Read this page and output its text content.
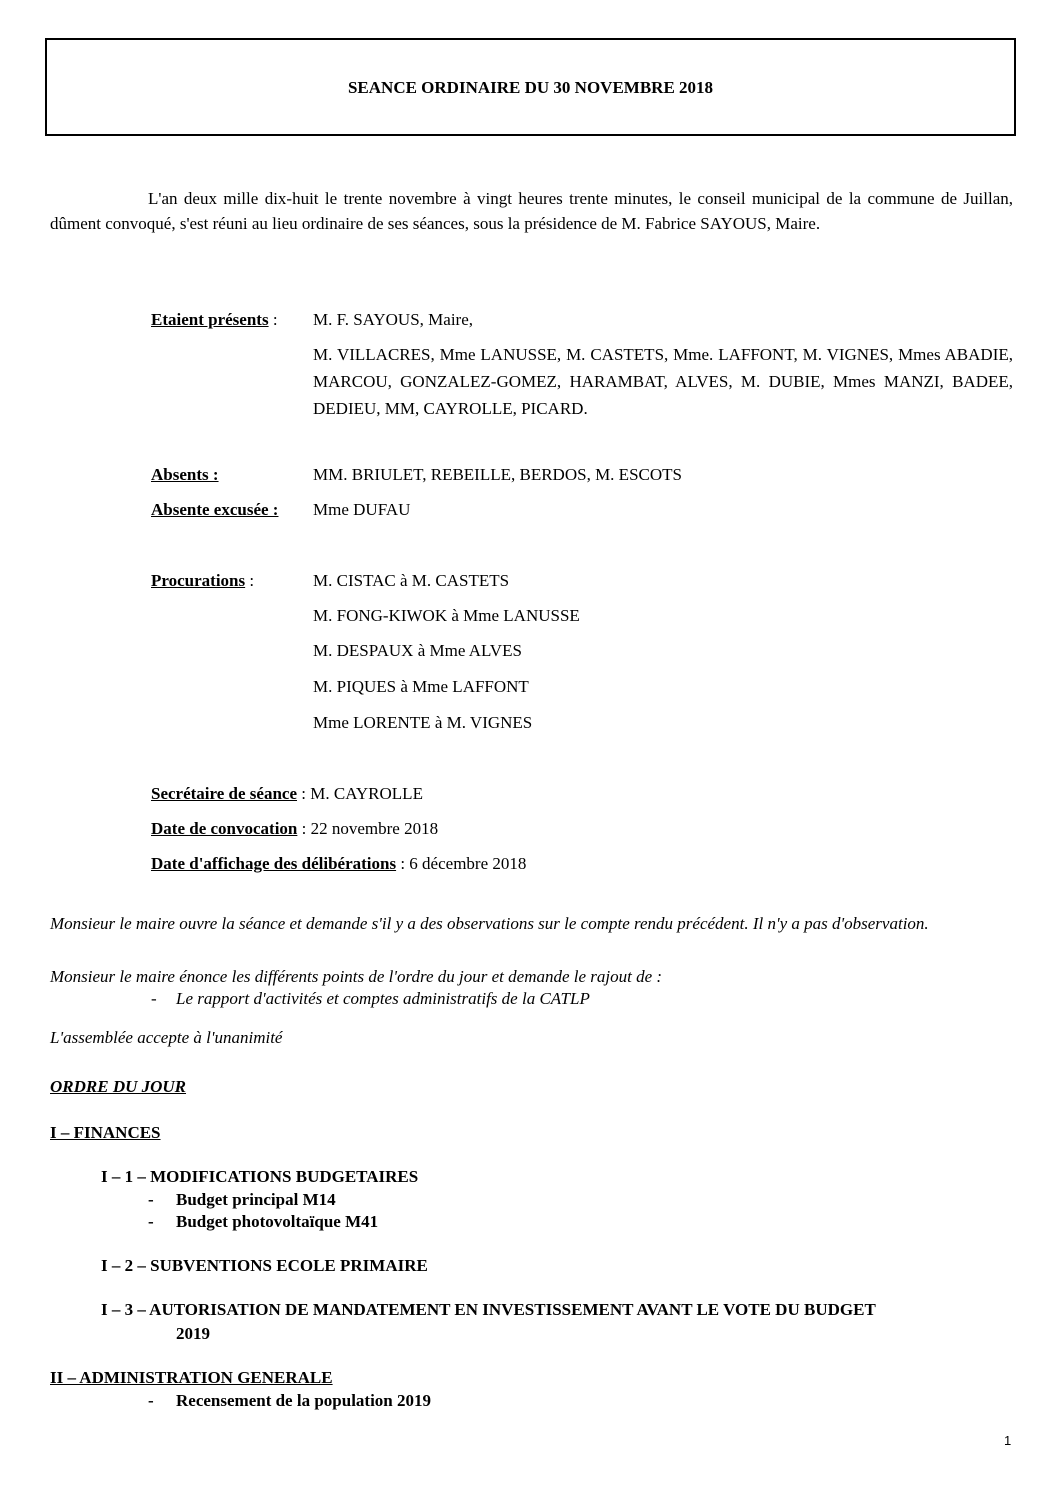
SEANCE ORDINAIRE DU 30 NOVEMBRE 2018
L'an deux mille dix-huit le trente novembre à vingt heures trente minutes, le conseil municipal de la commune de Juillan, dûment convoqué, s'est réuni au lieu ordinaire de ses séances, sous la présidence de M. Fabrice SAYOUS, Maire.
Etaient présents : M. F. SAYOUS, Maire,
M. VILLACRES, Mme LANUSSE, M. CASTETS, Mme. LAFFONT, M. VIGNES, Mmes ABADIE, MARCOU, GONZALEZ-GOMEZ, HARAMBAT, ALVES, M. DUBIE, Mmes MANZI, BADEE, DEDIEU, MM, CAYROLLE, PICARD.
Absents :	MM. BRIULET, REBEILLE, BERDOS, M. ESCOTS
Absente excusée : Mme DUFAU
Procurations :	M. CISTAC à M. CASTETS
M. FONG-KIWOK à Mme LANUSSE
M. DESPAUX à Mme ALVES
M. PIQUES à Mme LAFFONT
Mme LORENTE à M. VIGNES
Secrétaire de séance : M. CAYROLLE
Date de convocation : 22 novembre 2018
Date d'affichage des délibérations : 6 décembre 2018
Monsieur le maire ouvre la séance et demande s'il y a des observations sur le compte rendu précédent. Il n'y a pas d'observation.
Monsieur le maire énonce les différents points de l'ordre du jour et demande le rajout de :
- Le rapport d'activités et comptes administratifs de la CATLP
L'assemblée accepte à l'unanimité
ORDRE DU JOUR
I – FINANCES
I – 1 – MODIFICATIONS BUDGETAIRES
- Budget principal M14
- Budget photovoltaïque M41
I – 2 – SUBVENTIONS ECOLE PRIMAIRE
I – 3 – AUTORISATION DE MANDATEMENT EN INVESTISSEMENT AVANT LE VOTE DU BUDGET
2019
II – ADMINISTRATION GENERALE
- Recensement de la population 2019
1
